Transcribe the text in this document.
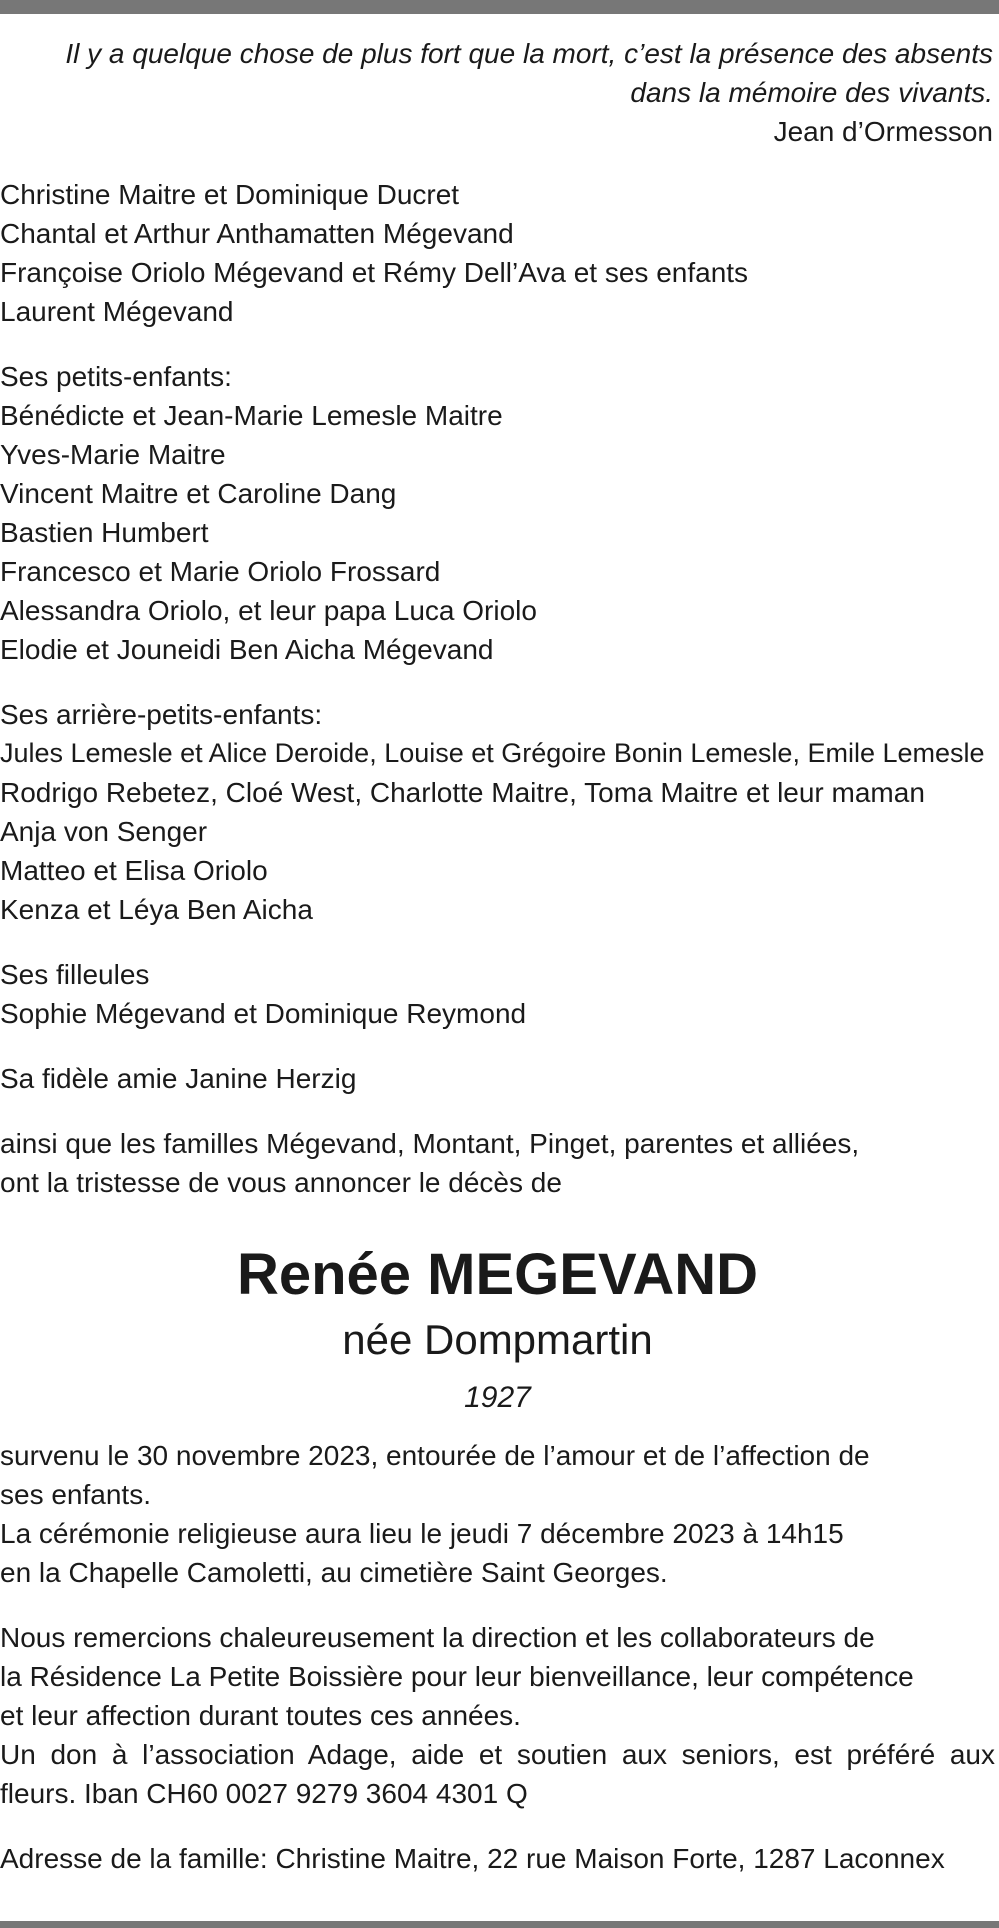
Il y a quelque chose de plus fort que la mort, c’est la présence des absents
dans la mémoire des vivants.
Jean d’Ormesson
Christine Maitre et Dominique Ducret
Chantal et Arthur Anthamatten Mégevand
Françoise Oriolo Mégevand et Rémy Dell’Ava et ses enfants
Laurent Mégevand
Ses petits-enfants:
Bénédicte et Jean-Marie Lemesle Maitre
Yves-Marie Maitre
Vincent Maitre et Caroline Dang
Bastien Humbert
Francesco et Marie Oriolo Frossard
Alessandra Oriolo, et leur papa Luca Oriolo
Elodie et Jouneidi Ben Aicha Mégevand
Ses arrière-petits-enfants:
Jules Lemesle et Alice Deroide, Louise et Grégoire Bonin Lemesle, Emile Lemesle
Rodrigo Rebetez, Cloé West, Charlotte Maitre, Toma Maitre et leur maman
Anja von Senger
Matteo et Elisa Oriolo
Kenza et Léya Ben Aicha
Ses filleules
Sophie Mégevand et Dominique Reymond
Sa fidèle amie Janine Herzig
ainsi que les familles Mégevand, Montant, Pinget, parentes et alliées,
ont la tristesse de vous annoncer le décès de
Renée MEGEVAND
née Dompmartin
1927
survenu le 30 novembre 2023, entourée de l’amour et de l’affection de
ses enfants.
La cérémonie religieuse aura lieu le jeudi 7 décembre 2023 à 14h15
en la Chapelle Camoletti, au cimetière Saint Georges.
Nous remercions chaleureusement la direction et les collaborateurs de
la Résidence La Petite Boissière pour leur bienveillance, leur compétence
et leur affection durant toutes ces années.
Un don à l’association Adage, aide et soutien aux seniors, est préféré aux fleurs. Iban CH60 0027 9279 3604 4301 Q
Adresse de la famille: Christine Maitre, 22 rue Maison Forte, 1287 Laconnex
